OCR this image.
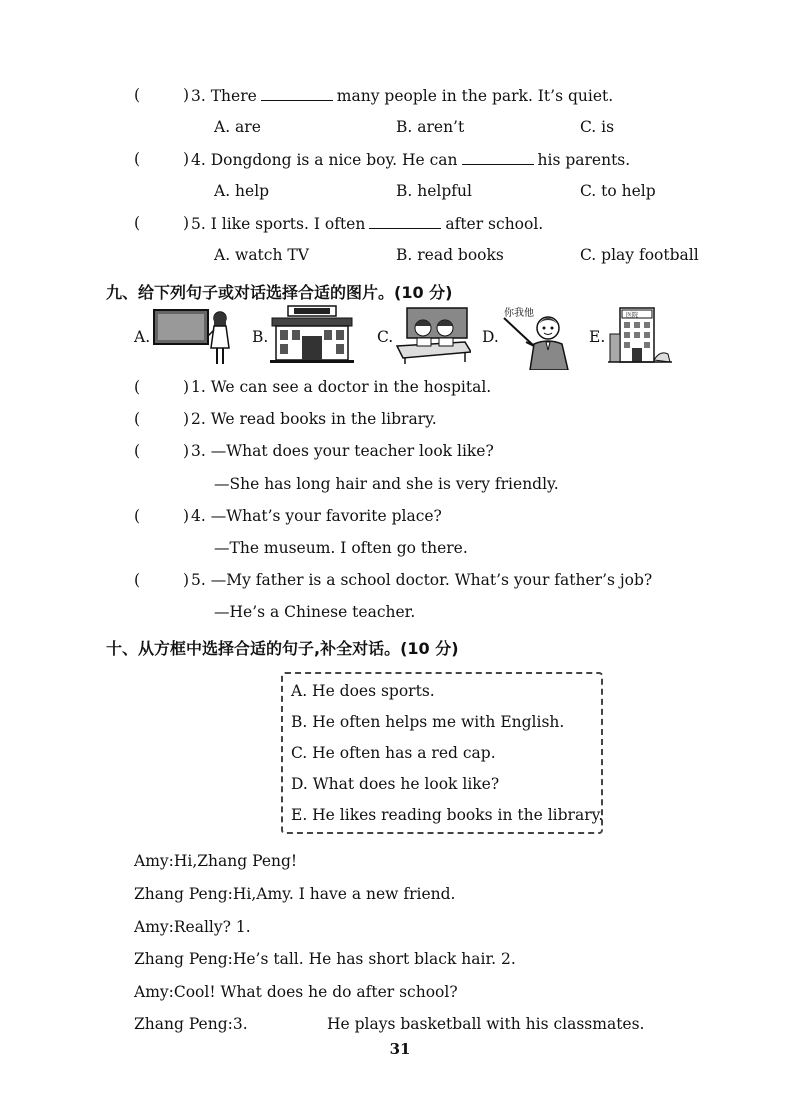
(	) 3. There	many people in the park. It’s quiet.
A. are	B. aren’t	C. is
(	) 4. Dongdong is a nice boy. He can	his parents.
A. help	B. helpful	C. to help
(	) 5. I like sports. I often	after school.
A. watch TV	B. read books	C. play football
九、给下列句子或对话选择合适的图片。(10 分)
A.	B.	C.	D.
你我他
E.
医院
(	) 1. We can see a doctor in the hospital.
(	) 2. We read books in the library.
(	) 3. —What does your teacher look like?
—She has long hair and she is very friendly.
(	) 4. —What’s your favorite place?
—The museum. I often go there.
(	) 5. —My father is a school doctor. What’s your father’s job?
—He’s a Chinese teacher.
十、从方框中选择合适的句子,补全对话。(10 分)
A. He does sports.
B. He often helps me with English.
C. He often has a red cap.
D. What does he look like?
E. He likes reading books in the library.
Amy:Hi,Zhang Peng!
Zhang Peng:Hi,Amy. I have a new friend.
Amy:Really? 1.
Zhang Peng:He’s tall. He has short black hair. 2.
Amy:Cool! What does he do after school?
Zhang Peng:3.	He plays basketball with his classmates.
31
